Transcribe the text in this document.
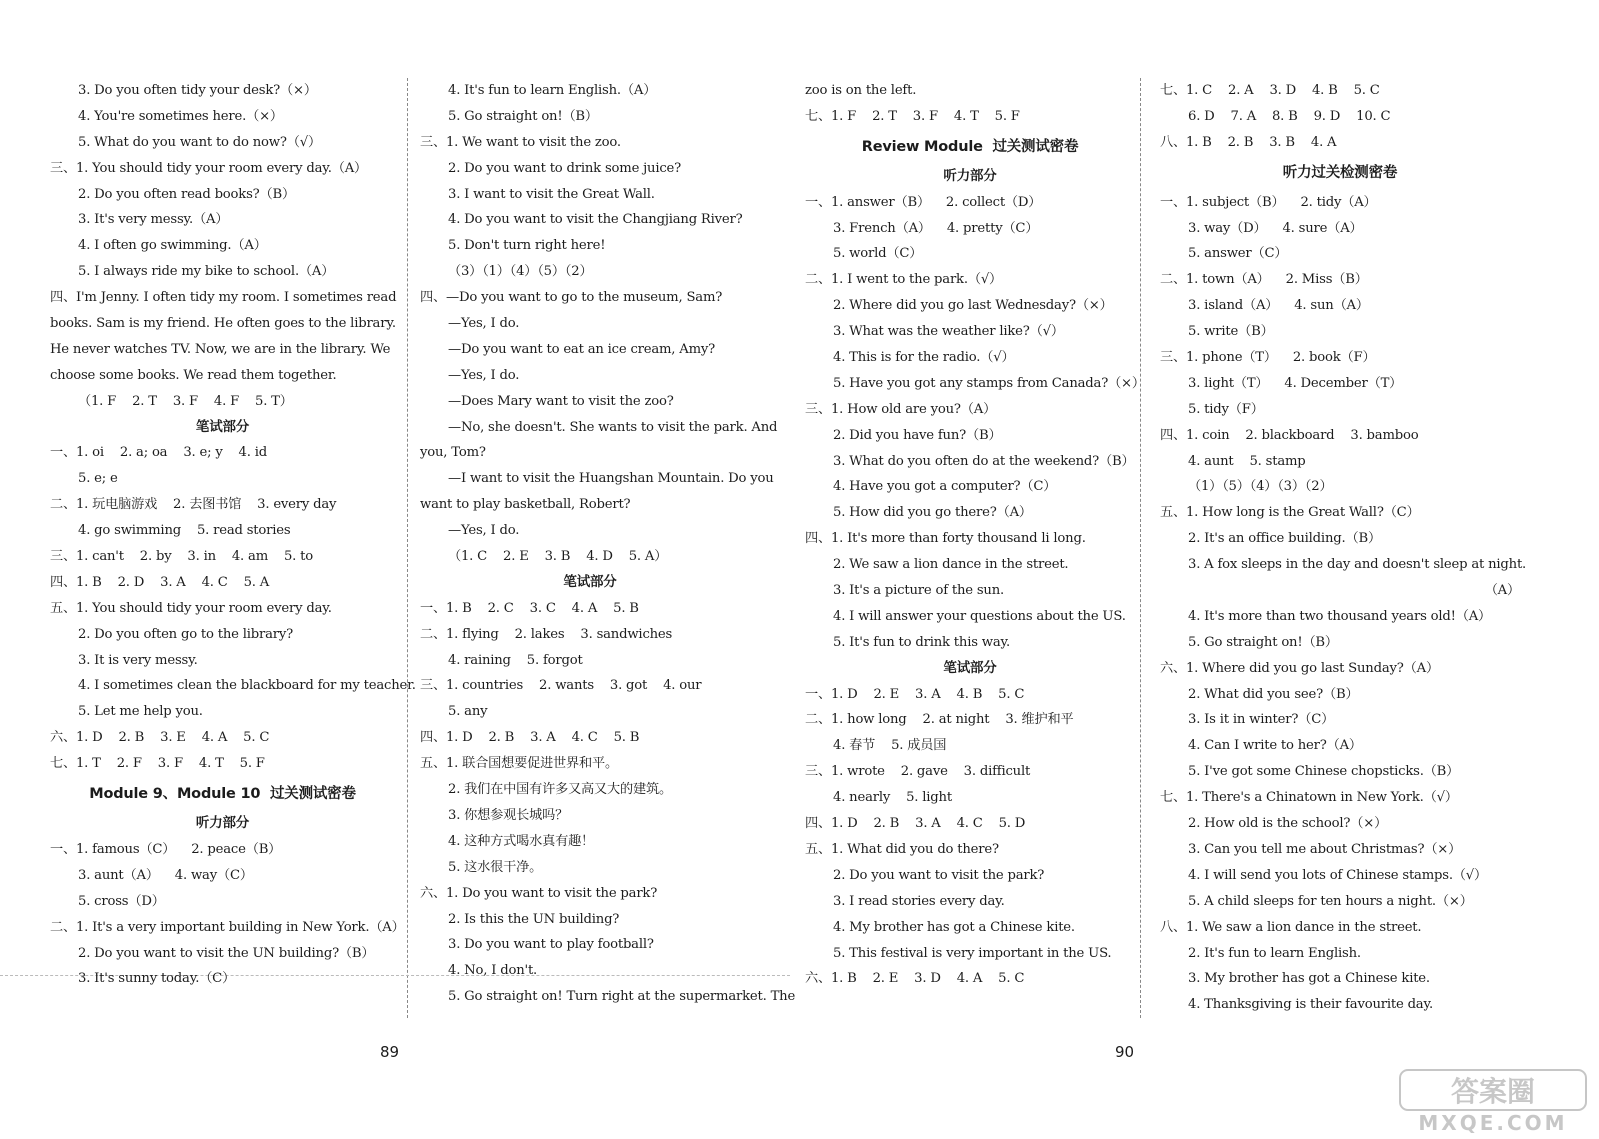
3. Do you often tidy your desk?（×）
4. You're sometimes here.（×）
5. What do you want to do now?（√）
三、1. You should tidy your room every day.（A）
2. Do you often read books?（B）
3. It's very messy.（A）
4. I often go swimming.（A）
5. I always ride my bike to school.（A）
四、I'm Jenny. I often tidy my room. I sometimes read
books. Sam is my friend. He often goes to the library.
He never watches TV. Now, we are in the library. We
choose some books. We read them together.
（1. F    2. T    3. F    4. F    5. T）
笔试部分
一、1. oi    2. a; oa    3. e; y    4. id
5. e; e
二、1. 玩电脑游戏    2. 去图书馆    3. every day
4. go swimming    5. read stories
三、1. can't    2. by    3. in    4. am    5. to
四、1. B    2. D    3. A    4. C    5. A
五、1. You should tidy your room every day.
2. Do you often go to the library?
3. It is very messy.
4. I sometimes clean the blackboard for my teacher.
5. Let me help you.
六、1. D    2. B    3. E    4. A    5. C
七、1. T    2. F    3. F    4. T    5. F
Module 9、Module 10  过关测试密卷
听力部分
一、1. famous（C）    2. peace（B）
3. aunt（A）    4. way（C）
5. cross（D）
二、1. It's a very important building in New York.（A）
2. Do you want to visit the UN building?（B）
3. It's sunny today.（C）
4. It's fun to learn English.（A）
5. Go straight on!（B）
三、1. We want to visit the zoo.
2. Do you want to drink some juice?
3. I want to visit the Great Wall.
4. Do you want to visit the Changjiang River?
5. Don't turn right here!
（3）（1）（4）（5）（2）
四、—Do you want to go to the museum, Sam?
—Yes, I do.
—Do you want to eat an ice cream, Amy?
—Yes, I do.
—Does Mary want to visit the zoo?
—No, she doesn't. She wants to visit the park. And
you, Tom?
—I want to visit the Huangshan Mountain. Do you
want to play basketball, Robert?
—Yes, I do.
（1. C    2. E    3. B    4. D    5. A）
笔试部分
一、1. B    2. C    3. C    4. A    5. B
二、1. flying    2. lakes    3. sandwiches
4. raining    5. forgot
三、1. countries    2. wants    3. got    4. our
5. any
四、1. D    2. B    3. A    4. C    5. B
五、1. 联合国想要促进世界和平。
2. 我们在中国有许多又高又大的建筑。
3. 你想参观长城吗？
4. 这种方式喝水真有趣！
5. 这水很干净。
六、1. Do you want to visit the park?
2. Is this the UN building?
3. Do you want to play football?
4. No, I don't.
5. Go straight on! Turn right at the supermarket. The
zoo is on the left.
七、1. F    2. T    3. F    4. T    5. F
Review Module  过关测试密卷
听力部分
一、1. answer（B）    2. collect（D）
3. French（A）    4. pretty（C）
5. world（C）
二、1. I went to the park.（√）
2. Where did you go last Wednesday?（×）
3. What was the weather like?（√）
4. This is for the radio.（√）
5. Have you got any stamps from Canada?（×）
三、1. How old are you?（A）
2. Did you have fun?（B）
3. What do you often do at the weekend?（B）
4. Have you got a computer?（C）
5. How did you go there?（A）
四、1. It's more than forty thousand li long.
2. We saw a lion dance in the street.
3. It's a picture of the sun.
4. I will answer your questions about the US.
5. It's fun to drink this way.
笔试部分
一、1. D    2. E    3. A    4. B    5. C
二、1. how long    2. at night    3. 维护和平
4. 春节    5. 成员国
三、1. wrote    2. gave    3. difficult
4. nearly    5. light
四、1. D    2. B    3. A    4. C    5. D
五、1. What did you do there?
2. Do you want to visit the park?
3. I read stories every day.
4. My brother has got a Chinese kite.
5. This festival is very important in the US.
六、1. B    2. E    3. D    4. A    5. C
七、1. C    2. A    3. D    4. B    5. C
6. D    7. A    8. B    9. D    10. C
八、1. B    2. B    3. B    4. A
听力过关检测密卷
一、1. subject（B）    2. tidy（A）
3. way（D）    4. sure（A）
5. answer（C）
二、1. town（A）    2. Miss（B）
3. island（A）    4. sun（A）
5. write（B）
三、1. phone（T）    2. book（F）
3. light（T）    4. December（T）
5. tidy（F）
四、1. coin    2. blackboard    3. bamboo
4. aunt    5. stamp
（1）（5）（4）（3）（2）
五、1. How long is the Great Wall?（C）
2. It's an office building.（B）
3. A fox sleeps in the day and doesn't sleep at night.
（A）
4. It's more than two thousand years old!（A）
5. Go straight on!（B）
六、1. Where did you go last Sunday?（A）
2. What did you see?（B）
3. Is it in winter?（C）
4. Can I write to her?（A）
5. I've got some Chinese chopsticks.（B）
七、1. There's a Chinatown in New York.（√）
2. How old is the school?（×）
3. Can you tell me about Christmas?（×）
4. I will send you lots of Chinese stamps.（√）
5. A child sleeps for ten hours a night.（×）
八、1. We saw a lion dance in the street.
2. It's fun to learn English.
3. My brother has got a Chinese kite.
4. Thanksgiving is their favourite day.
89	90
答案圈
MXQE.COM
